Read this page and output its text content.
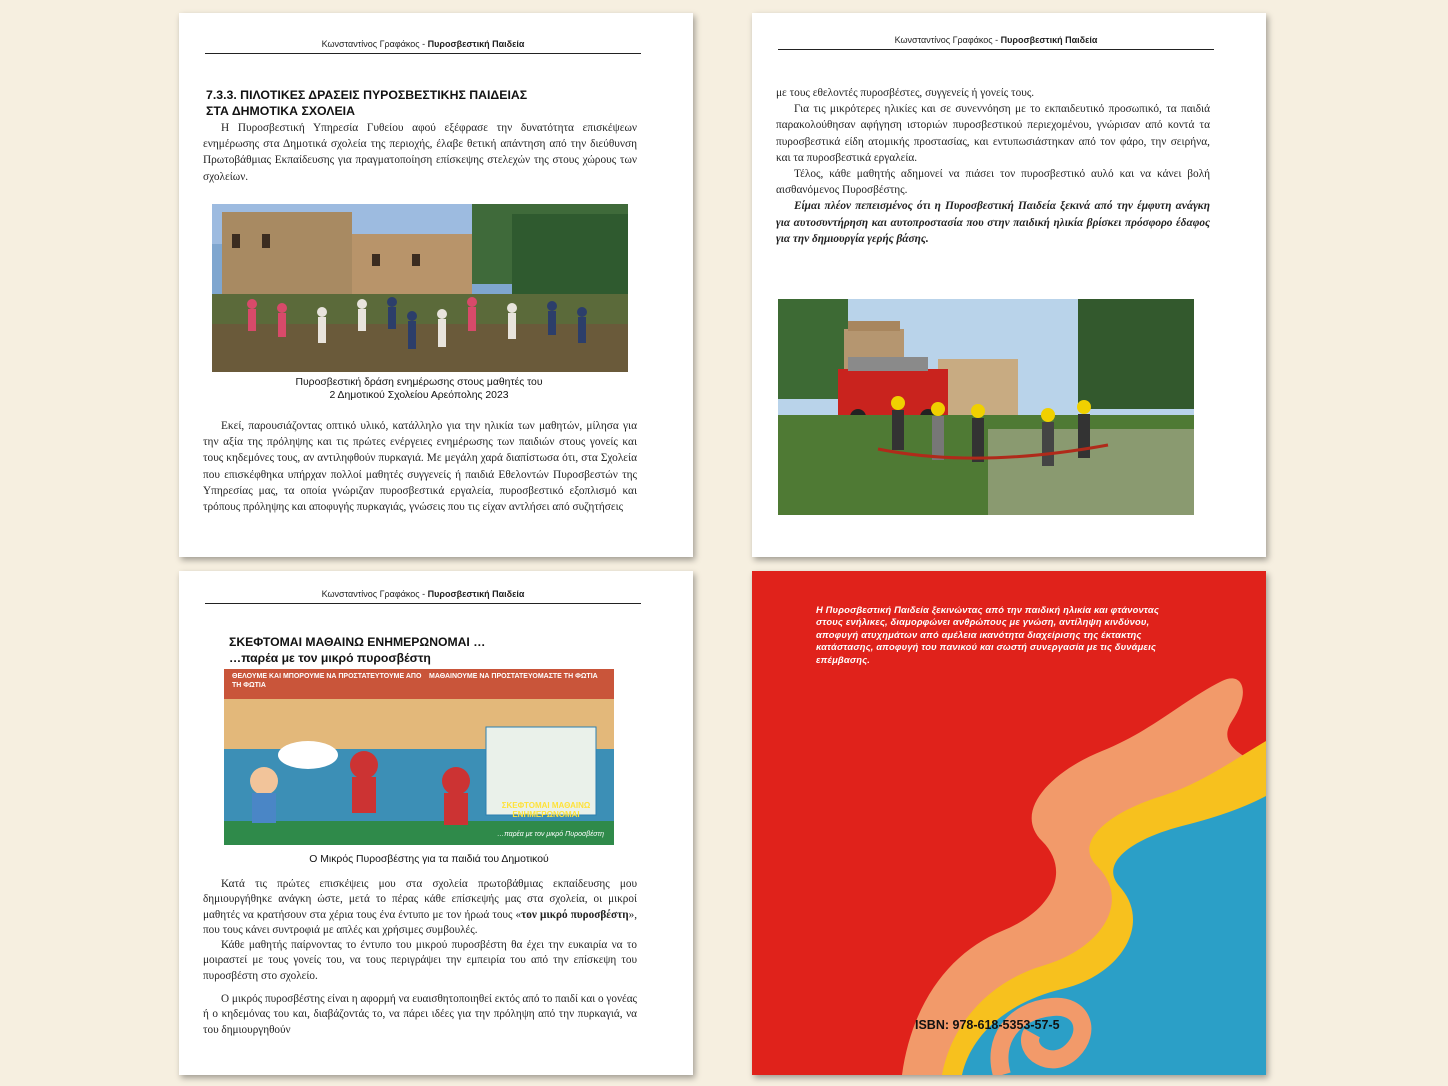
Κωνσταντίνος Γραφάκος - Πυροσβεστική Παιδεία
7.3.3. ΠΙΛΟΤΙΚΕΣ ΔΡΑΣΕΙΣ ΠΥΡΟΣΒΕΣΤΙΚΗΣ ΠΑΙΔΕΙΑΣ
ΣΤΑ ΔΗΜΟΤΙΚΑ ΣΧΟΛΕΙΑ

Η Πυροσβεστική Υπηρεσία Γυθείου αφού εξέφρασε την δυνατότητα επισκέψεων ενημέρωσης στα Δημοτικά σχολεία της περιοχής, έλαβε θετική απάντηση από την διεύθυνση Πρωτοβάθμιας Εκπαίδευσης για πραγματοποίηση επίσκεψης στελεχών της στους χώρους των σχολείων.

Πυροσβεστική δράση ενημέρωσης στους μαθητές του
2 Δημοτικού Σχολείου Αρεόπολης 2023

Εκεί, παρουσιάζοντας οπτικό υλικό, κατάλληλο για την ηλικία των μαθητών, μίλησα για την αξία της πρόληψης και τις πρώτες ενέργειες ενημέρωσης των παιδιών στους γονείς και τους κηδεμόνες τους, αν αντιληφθούν πυρκαγιά. Με μεγάλη χαρά διαπίστωσα ότι, στα Σχολεία που επισκέφθηκα υπήρχαν πολλοί μαθητές συγγενείς ή παιδιά Εθελοντών Πυροσβεστών της Υπηρεσίας μας, τα οποία γνώριζαν πυροσβεστικά εργαλεία, πυροσβεστικό εξοπλισμό και τρόπους πρόληψης και αποφυγής πυρκαγιάς, γνώσεις που τις είχαν αντλήσει από συζητήσεις

Κωνσταντίνος Γραφάκος - Πυροσβεστική Παιδεία

με τους εθελοντές πυροσβέστες, συγγενείς ή γονείς τους.

Για τις μικρότερες ηλικίες και σε συνεννόηση με το εκπαιδευτικό προσωπικό, τα παιδιά παρακολούθησαν αφήγηση ιστοριών πυροσβεστικού περιεχομένου, γνώρισαν από κοντά τα πυροσβεστικά είδη ατομικής προστασίας, και εντυπωσιάστηκαν από τον φάρο, την σειρήνα, και τα πυροσβεστικά εργαλεία.

Τέλος, κάθε μαθητής αδημονεί να πιάσει τον πυροσβεστικό αυλό και να κάνει βολή αισθανόμενος Πυροσβέστης.

Είμαι πλέον πεπεισμένος ότι η Πυροσβεστική Παιδεία ξεκινά από την έμφυτη ανάγκη για αυτοσυντήρηση και αυτοπροστασία που στην παιδική ηλικία βρίσκει πρόσφορο έδαφος για την δημιουργία γερής βάσης.

Κωνσταντίνος Γραφάκος - Πυροσβεστική Παιδεία
ΣΚΕΦΤΟΜΑΙ ΜΑΘΑΙΝΩ ΕΝΗΜΕΡΩΝΟΜΑΙ …
…παρέα με τον μικρό πυροσβέστη
ΘΕΛΟΥΜΕ ΚΑΙ ΜΠΟΡΟΥΜΕ ΝΑ ΠΡΟΣΤΑΤΕΥΤΟΥΜΕ ΑΠΟ ΤΗ ΦΩΤΙΑ
ΜΑΘΑΙΝΟΥΜΕ ΝΑ ΠΡΟΣΤΑΤΕΥΟΜΑΣΤΕ ΤΗ ΦΩΤΙΑ
ΣΚΕΦΤΟΜΑΙ ΜΑΘΑΙΝΩ ΕΝΗΜΕΡΩΝΟΜΑΙ
…παρέα με τον μικρό Πυροσβέστη
Ο Μικρός Πυροσβέστης για τα παιδιά του Δημοτικού

Κατά τις πρώτες επισκέψεις μου στα σχολεία πρωτοβάθμιας εκπαίδευσης μου δημιουργήθηκε ανάγκη ώστε, μετά το πέρας κάθε επίσκεψής μας στα σχολεία, οι μικροί μαθητές να κρατήσουν στα χέρια τους ένα έντυπο με τον ήρωά τους «τον μικρό πυροσβέστη», που τους κάνει συντροφιά με απλές και χρήσιμες συμβουλές.

Κάθε μαθητής παίρνοντας το έντυπο του μικρού πυροσβέστη θα έχει την ευκαιρία να το μοιραστεί με τους γονείς του, να τους περιγράψει την εμπειρία του από την επίσκεψη του πυροσβέστη στο σχολείο.

Ο μικρός πυροσβέστης είναι η αφορμή να ευαισθητοποιηθεί εκτός από το παιδί και ο γονέας ή ο κηδεμόνας του και, διαβάζοντάς το, να πάρει ιδέες για την πρόληψη από την πυρκαγιά, να του δημιουργηθούν

Η Πυροσβεστική Παιδεία ξεκινώντας από την παιδική ηλικία και φτάνοντας στους ενήλικες, διαμορφώνει ανθρώπους με γνώση, αντίληψη κινδύνου, αποφυγή ατυχημάτων από αμέλεια ικανότητα διαχείρισης της έκτακτης κατάστασης, αποφυγή του πανικού και σωστή συνεργασία με τις δυνάμεις επέμβασης.
ISBN: 978-618-5353-57-5
